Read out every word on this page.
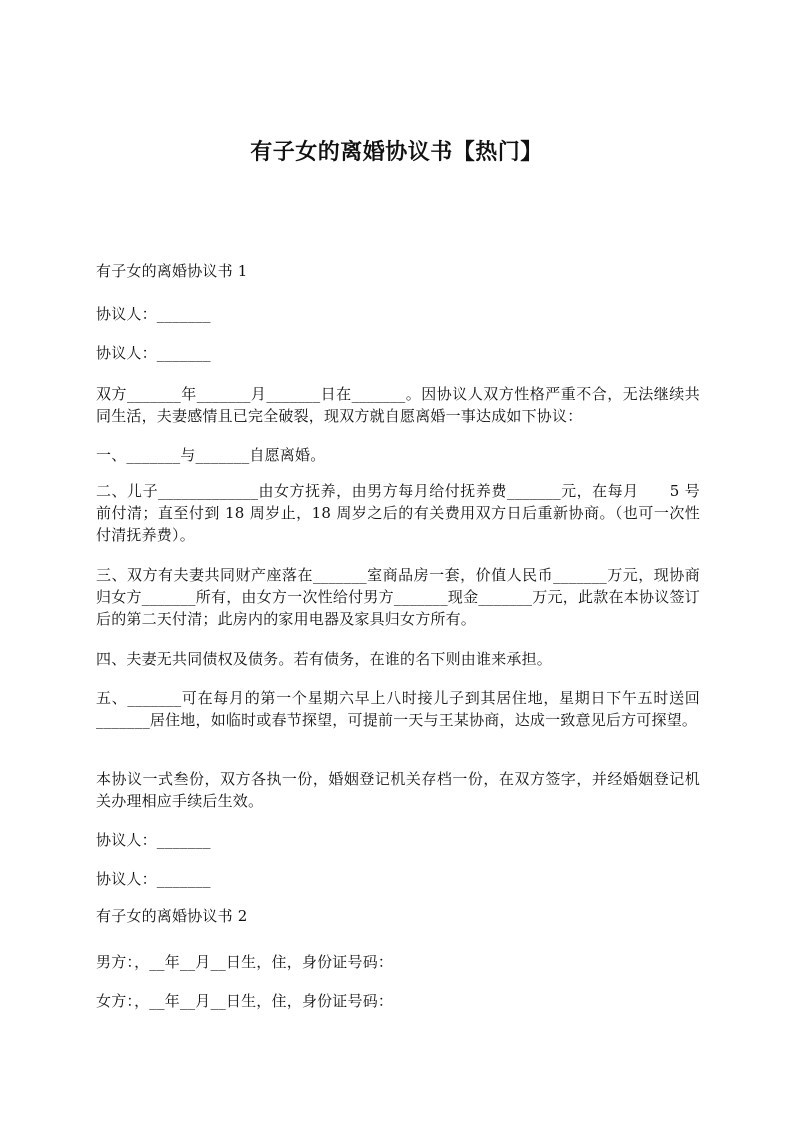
有子女的离婚协议书【热门】
有子女的离婚协议书 1
协议人：_______
协议人：_______
双方_______年_______月_______日在_______。因协议人双方性格严重不合，无法继续共同生活，夫妻感情且已完全破裂，现双方就自愿离婚一事达成如下协议：
一、_______与_______自愿离婚。
二、儿子_____________由女方抚养，由男方每月给付抚养费_______元，在每月　　5 号前付清；直至付到 18 周岁止，18 周岁之后的有关费用双方日后重新协商。（也可一次性付清抚养费）。
三、双方有夫妻共同财产座落在_______室商品房一套，价值人民币_______万元，现协商归女方_______所有，由女方一次性给付男方_______现金_______万元，此款在本协议签订后的第二天付清；此房内的家用电器及家具归女方所有。
四、夫妻无共同债权及债务。若有债务，在谁的名下则由谁来承担。
五、_______可在每月的第一个星期六早上八时接儿子到其居住地，星期日下午五时送回_______居住地，如临时或春节探望，可提前一天与王某协商，达成一致意见后方可探望。
本协议一式叁份，双方各执一份，婚姻登记机关存档一份，在双方签字，并经婚姻登记机关办理相应手续后生效。
协议人：_______
协议人：_______
有子女的离婚协议书 2
男方：，__年__月__日生，住，身份证号码：
女方：，__年__月__日生，住，身份证号码：
